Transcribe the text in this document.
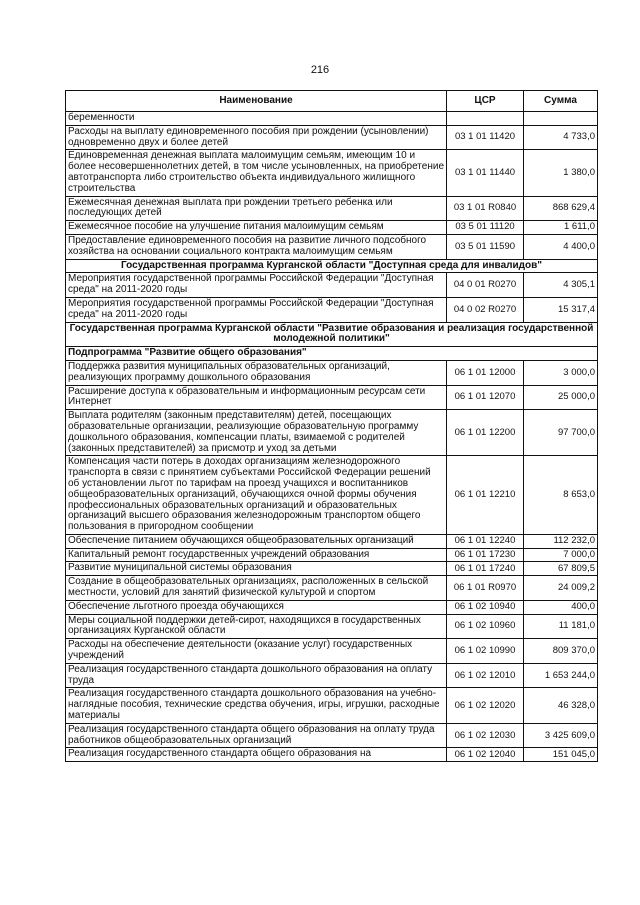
216
Наименование	ЦСР	Сумма
беременности		
Расходы на выплату единовременного пособия при рождении (усыновлении) одновременно двух и более детей	03 1 01 11420	4 733,0
Единовременная денежная выплата малоимущим семьям, имеющим 10 и более несовершеннолетних детей, в том числе усыновленных, на приобретение автотранспорта либо строительство объекта индивидуального жилищного строительства	03 1 01 11440	1 380,0
Ежемесячная денежная выплата при рождении третьего ребенка или последующих детей	03 1 01 R0840	868 629,4
Ежемесячное пособие на улучшение питания малоимущим семьям	03 5 01 11120	1 611,0
Предоставление единовременного пособия на развитие личного подсобного хозяйства на основании социального контракта малоимущим семьям	03 5 01 11590	4 400,0
Государственная программа Курганской области "Доступная среда для инвалидов"		
Мероприятия государственной программы Российской Федерации "Доступная среда" на 2011-2020 годы	04 0 01 R0270	4 305,1
Мероприятия государственной программы Российской Федерации "Доступная среда" на 2011-2020 годы	04 0 02 R0270	15 317,4
Государственная программа Курганской области "Развитие образования и реализация государственной молодежной политики"		
Подпрограмма "Развитие общего образования"		
Поддержка развития муниципальных образовательных организаций, реализующих программу дошкольного образования	06 1 01 12000	3 000,0
Расширение доступа к образовательным и информационным ресурсам сети Интернет	06 1 01 12070	25 000,0
Выплата родителям (законным представителям) детей, посещающих образовательные организации, реализующие образовательную программу дошкольного образования, компенсации платы, взимаемой с родителей (законных представителей) за присмотр и уход за детьми	06 1 01 12200	97 700,0
Компенсация части потерь в доходах организациям железнодорожного транспорта в связи с принятием субъектами Российской Федерации решений об установлении льгот по тарифам на проезд учащихся и воспитанников общеобразовательных организаций, обучающихся очной формы обучения профессиональных образовательных организаций и образовательных организаций высшего образования железнодорожным транспортом общего пользования в пригородном сообщении	06 1 01 12210	8 653,0
Обеспечение питанием обучающихся общеобразовательных организаций	06 1 01 12240	112 232,0
Капитальный ремонт государственных учреждений образования	06 1 01 17230	7 000,0
Развитие муниципальной системы образования	06 1 01 17240	67 809,5
Создание в общеобразовательных организациях, расположенных в сельской местности, условий для занятий физической культурой и спортом	06 1 01 R0970	24 009,2
Обеспечение льготного проезда обучающихся	06 1 02 10940	400,0
Меры социальной поддержки детей-сирот, находящихся в государственных организациях Курганской области	06 1 02 10960	11 181,0
Расходы на обеспечение деятельности (оказание услуг) государственных учреждений	06 1 02 10990	809 370,0
Реализация государственного стандарта дошкольного образования на оплату труда	06 1 02 12010	1 653 244,0
Реализация государственного стандарта дошкольного образования на учебно-наглядные пособия, технические средства обучения, игры, игрушки, расходные материалы	06 1 02 12020	46 328,0
Реализация государственного стандарта общего образования на оплату труда работников общеобразовательных организаций	06 1 02 12030	3 425 609,0
Реализация государственного стандарта общего образования на	06 1 02 12040	151 045,0
